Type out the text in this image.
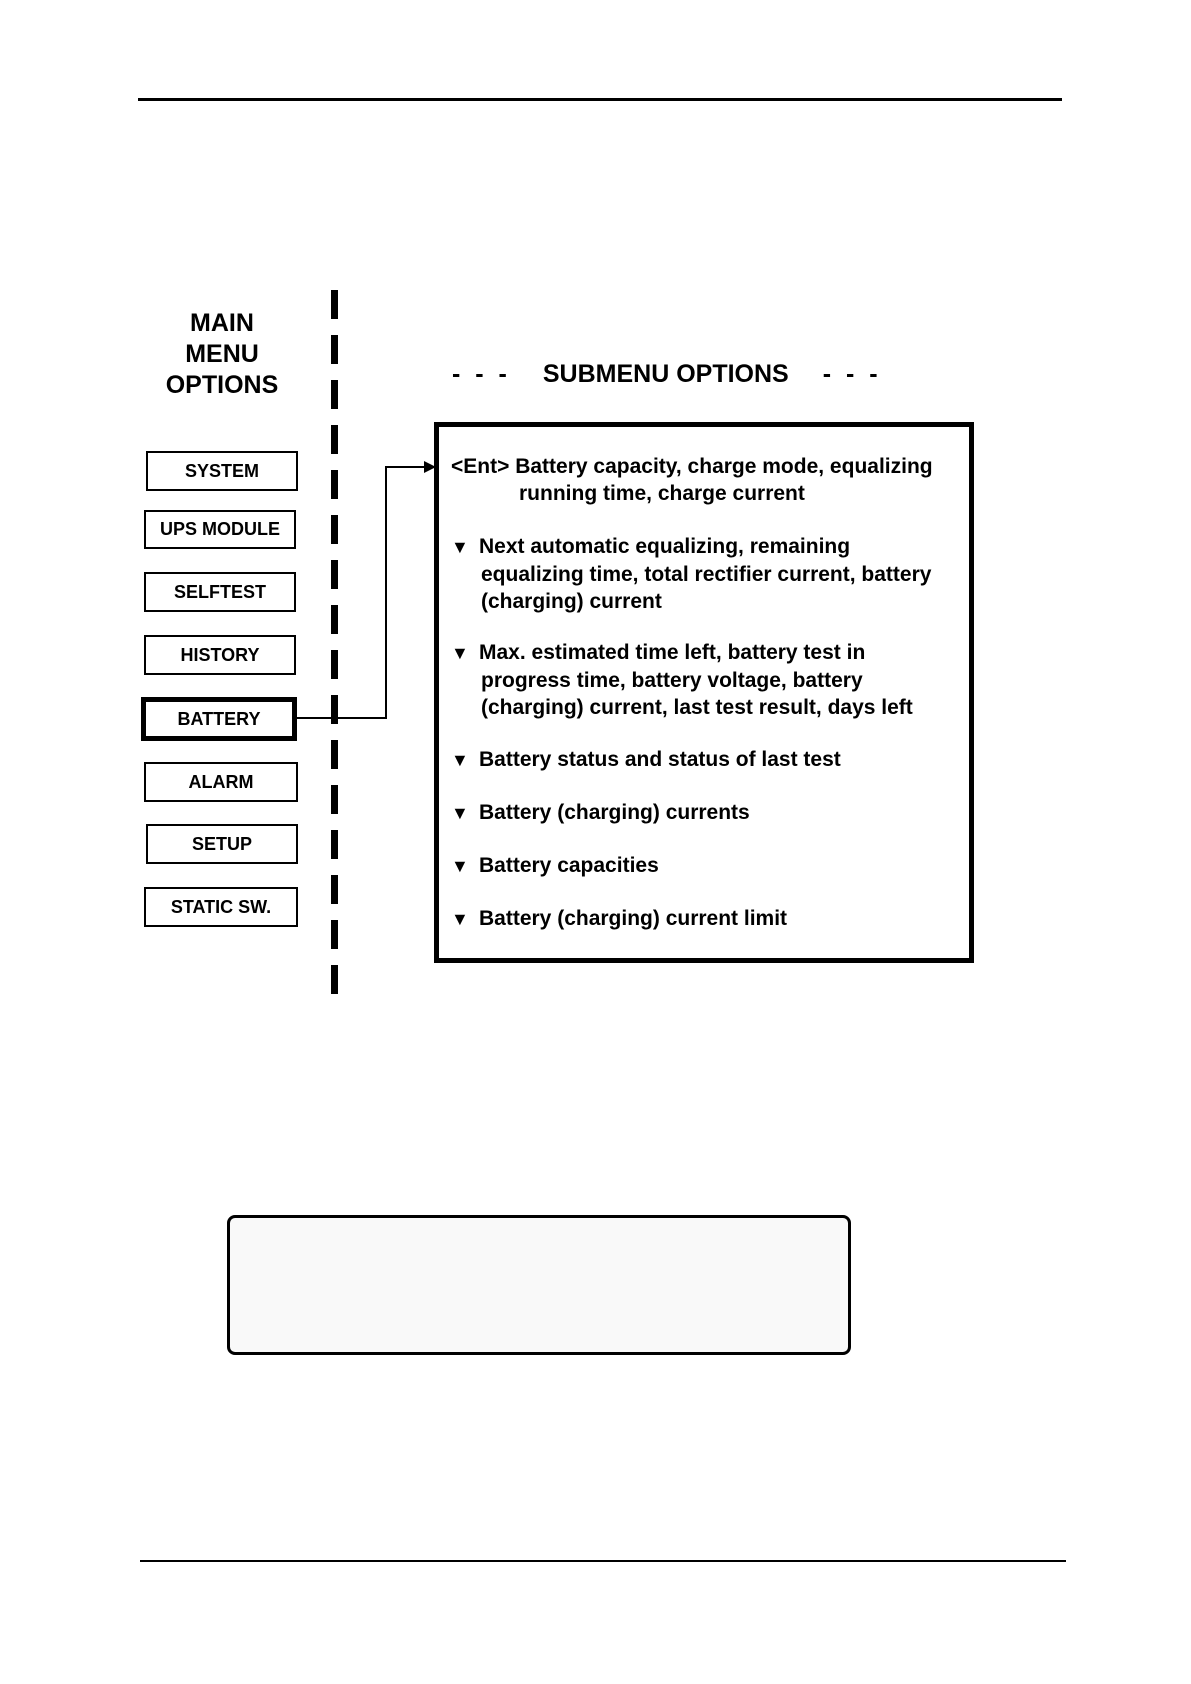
MAIN
MENU
OPTIONS	- - - SUBMENU OPTIONS - - -
SYSTEM
UPS MODULE
SELFTEST
HISTORY
BATTERY
ALARM
SETUP
STATIC SW.
<Ent> Battery capacity, charge mode, equalizing
running time, charge current
▼ Next automatic equalizing, remaining
equalizing time, total rectifier current, battery
(charging) current
▼ Max. estimated time left, battery test in
progress time, battery voltage, battery
(charging) current, last test result, days left
▼ Battery status and status of last test
▼ Battery (charging) currents
▼ Battery capacities
▼ Battery (charging) current limit
